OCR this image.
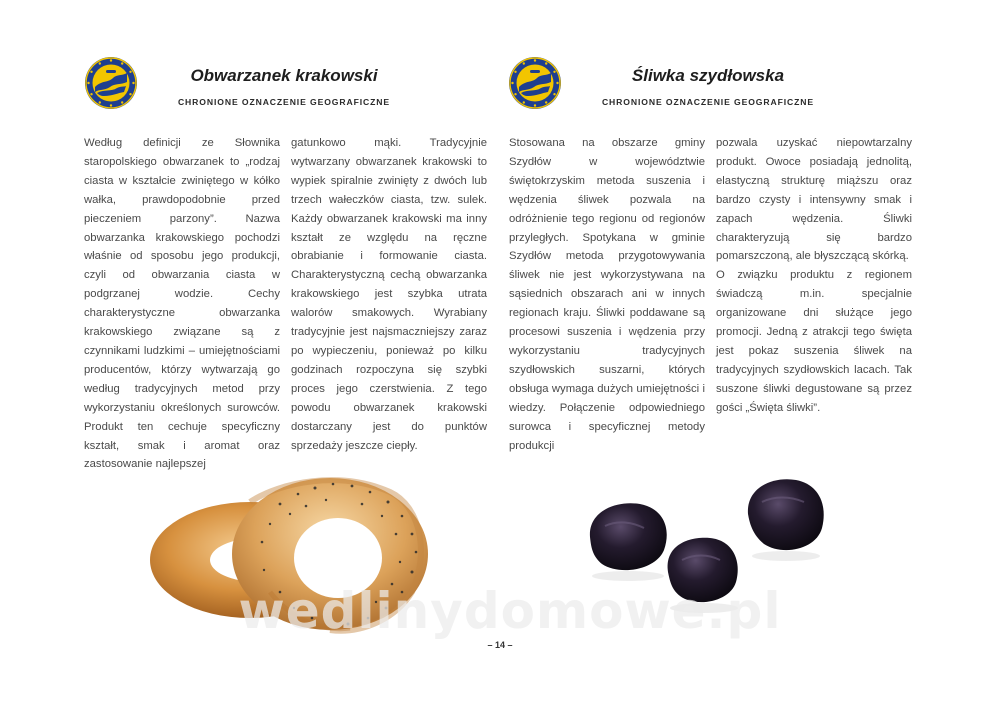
Obwarzanek krakowski
CHRONIONE OZNACZENIE GEOGRAFICZNE
Śliwka szydłowska
CHRONIONE OZNACZENIE GEOGRAFICZNE

Według definicji ze Słownika staropolskiego obwarzanek to „rodzaj ciasta w kształcie zwiniętego w kółko wałka, prawdopodobnie przed pieczeniem parzony”. Nazwa obwarzanka krakowskiego pochodzi właśnie od sposobu jego produkcji, czyli od obwarzania ciasta w podgrzanej wodzie. Cechy charakterystyczne obwarzanka krakowskiego związane są z czynnikami ludzkimi – umiejętnościami producentów, którzy wytwarzają go według tradycyjnych metod przy wykorzystaniu określonych surowców. Produkt ten cechuje specyficzny kształt, smak i aromat oraz zastosowanie najlepszej

gatunkowo mąki. Tradycyjnie wytwarzany obwarzanek krakowski to wypiek spiralnie zwinięty z dwóch lub trzech wałeczków ciasta, tzw. sulek. Każdy obwarzanek krakowski ma inny kształt ze względu na ręczne obrabianie i formowanie ciasta. Charakterystyczną cechą obwarzanka krakowskiego jest szybka utrata walorów smakowych. Wyrabiany tradycyjnie jest najsmaczniejszy zaraz po wypieczeniu, ponieważ po kilku godzinach rozpoczyna się szybki proces jego czerstwienia. Z tego powodu obwarzanek krakowski dostarczany jest do punktów sprzedaży jeszcze ciepły.

Stosowana na obszarze gminy Szydłów w województwie świętokrzyskim metoda suszenia i wędzenia śliwek pozwala na odróżnienie tego regionu od regionów przyległych. Spotykana w gminie Szydłów metoda przygotowywania śliwek nie jest wykorzystywana na sąsiednich obszarach ani w innych regionach kraju. Śliwki poddawane są procesowi suszenia i wędzenia przy wykorzystaniu tradycyjnych szydłowskich suszarni, których obsługa wymaga dużych umiejętności i wiedzy. Połączenie odpowiedniego surowca i specyficznej metody produkcji

pozwala uzyskać niepowtarzalny produkt. Owoce posiadają jednolitą, elastyczną strukturę miąższu oraz bardzo czysty i intensywny smak i zapach wędzenia. Śliwki charakteryzują się bardzo pomarszczoną, ale błyszczącą skórką.

O związku produktu z regionem świadczą m.in. specjalnie organizowane dni służące jego promocji. Jedną z atrakcji tego święta jest pokaz suszenia śliwek na tradycyjnych szydłowskich lacach. Tak suszone śliwki degustowane są przez gości „Święta śliwki”.

wedlinydomowe.pl
– 14 –
